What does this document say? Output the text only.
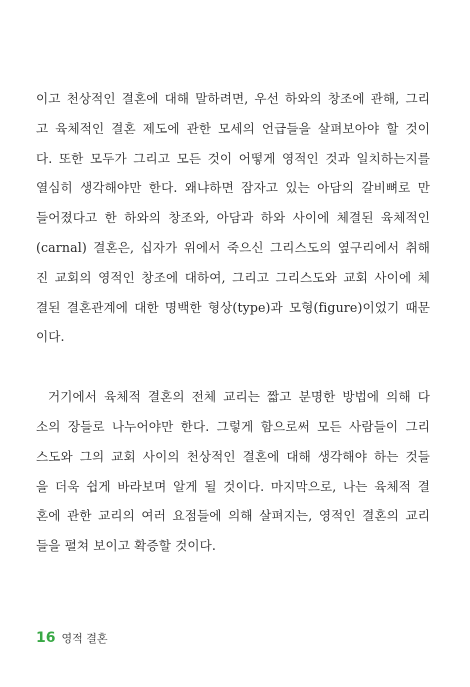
이고 천상적인 결혼에 대해 말하려면, 우선 하와의 창조에 관해, 그리
고 육체적인 결혼 제도에 관한 모세의 언급들을 살펴보아야 할 것이
다. 또한 모두가 그리고 모든 것이 어떻게 영적인 것과 일치하는지를
열심히 생각해야만 한다. 왜냐하면 잠자고 있는 아담의 갈비뼈로 만
들어졌다고 한 하와의 창조와, 아담과 하와 사이에 체결된 육체적인
(carnal) 결혼은, 십자가 위에서 죽으신 그리스도의 옆구리에서 취해
진 교회의 영적인 창조에 대하여, 그리고 그리스도와 교회 사이에 체
결된 결혼관계에 대한 명백한 형상(type)과 모형(figure)이었기 때문
이다.

거기에서 육체적 결혼의 전체 교리는 짧고 분명한 방법에 의해 다
소의 장들로 나누어야만 한다. 그렇게 함으로써 모든 사람들이 그리
스도와 그의 교회 사이의 천상적인 결혼에 대해 생각해야 하는 것들
을 더욱 쉽게 바라보며 알게 될 것이다. 마지막으로, 나는 육체적 결
혼에 관한 교리의 여러 요점들에 의해 살펴지는, 영적인 결혼의 교리
들을 펼쳐 보이고 확증할 것이다.

16 영적 결혼
